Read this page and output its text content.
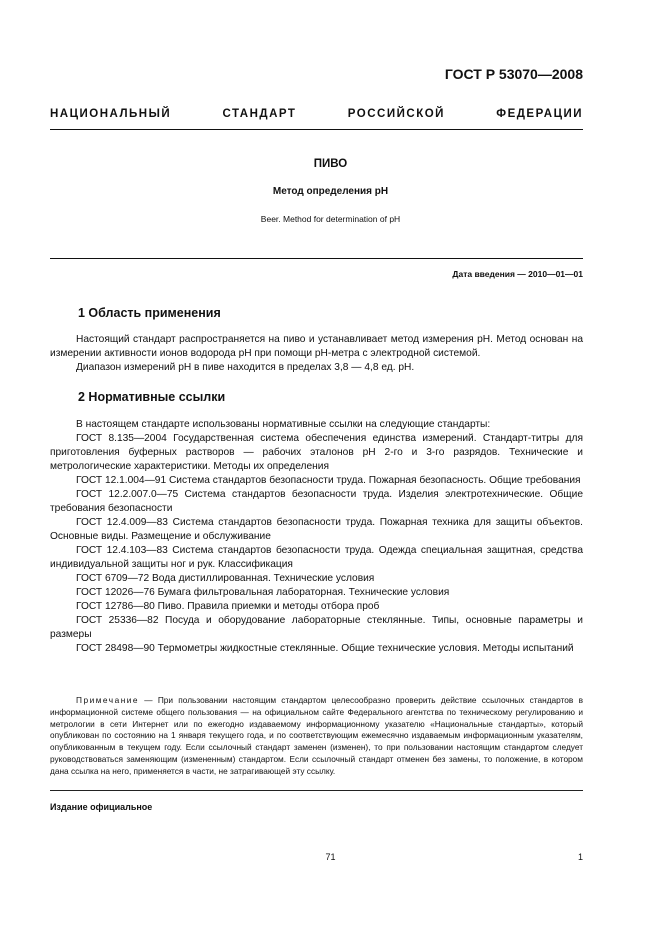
ГОСТ Р 53070—2008
НАЦИОНАЛЬНЫЙ	СТАНДАРТ	РОССИЙСКОЙ	ФЕДЕРАЦИИ
ПИВО
Метод определения pH
Beer. Method for determination of pH
Дата введения — 2010—01—01
1 Область применения

Настоящий стандарт распространяется на пиво и устанавливает метод измерения pH. Метод основан на измерении активности ионов водорода pH при помощи pH-метра с электродной системой.

Диапазон измерений pH в пиве находится в пределах 3,8 — 4,8 ед. pH.

2 Нормативные ссылки

В настоящем стандарте использованы нормативные ссылки на следующие стандарты:

ГОСТ 8.135—2004 Государственная система обеспечения единства измерений. Стандарт-титры для приготовления буферных растворов — рабочих эталонов pH 2-го и 3-го разрядов. Технические и метрологические характеристики. Методы их определения

ГОСТ 12.1.004—91 Система стандартов безопасности труда. Пожарная безопасность. Общие требования

ГОСТ 12.2.007.0—75 Система стандартов безопасности труда. Изделия электротехнические. Общие требования безопасности

ГОСТ 12.4.009—83 Система стандартов безопасности труда. Пожарная техника для защиты объектов. Основные виды. Размещение и обслуживание

ГОСТ 12.4.103—83 Система стандартов безопасности труда. Одежда специальная защитная, средства индивидуальной защиты ног и рук. Классификация

ГОСТ 6709—72 Вода дистиллированная. Технические условия

ГОСТ 12026—76 Бумага фильтровальная лабораторная. Технические условия

ГОСТ 12786—80 Пиво. Правила приемки и методы отбора проб

ГОСТ 25336—82 Посуда и оборудование лабораторные стеклянные. Типы, основные параметры и размеры

ГОСТ 28498—90 Термометры жидкостные стеклянные. Общие технические условия. Методы испытаний

Примечание — При пользовании настоящим стандартом целесообразно проверить действие ссылочных стандартов в информационной системе общего пользования — на официальном сайте Федерального агентства по техническому регулированию и метрологии в сети Интернет или по ежегодно издаваемому информационному указателю «Национальные стандарты», который опубликован по состоянию на 1 января текущего года, и по соответствующим ежемесячно издаваемым информационным указателям, опубликованным в текущем году. Если ссылочный стандарт заменен (изменен), то при пользовании настоящим стандартом следует руководствоваться заменяющим (измененным) стандартом. Если ссылочный стандарт отменен без замены, то положение, в котором дана ссылка на него, применяется в части, не затрагивающей эту ссылку.

Издание официальное
71	1
